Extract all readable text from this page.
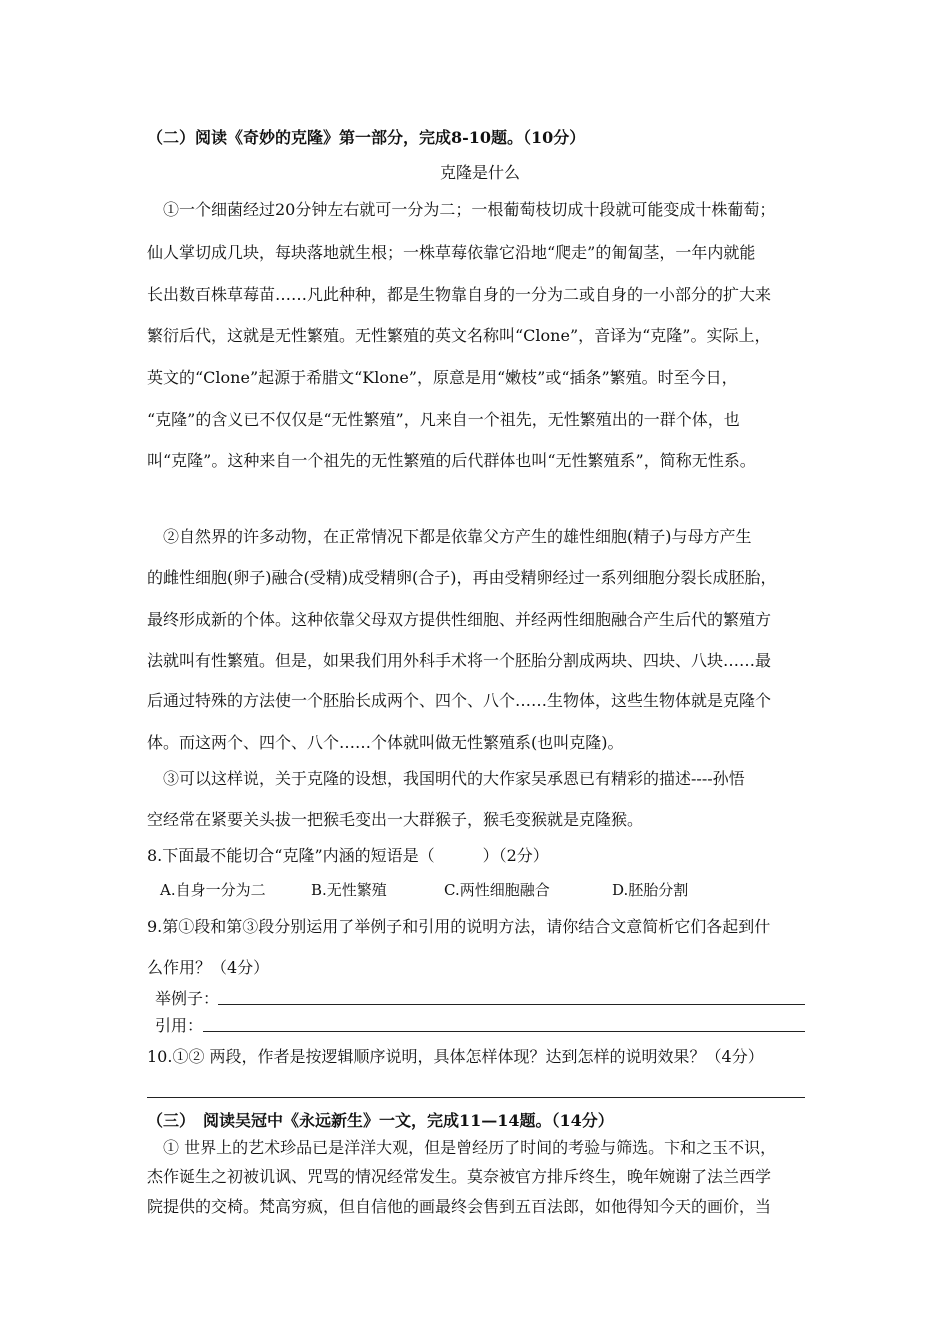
（二）阅读《奇妙的克隆》第一部分，完成8-10题。（10分）
克隆是什么
①一个细菌经过20分钟左右就可一分为二；一根葡萄枝切成十段就可能变成十株葡萄；
仙人掌切成几块，每块落地就生根；一株草莓依靠它沿地“爬走”的匍匐茎，一年内就能
长出数百株草莓苗……凡此种种，都是生物靠自身的一分为二或自身的一小部分的扩大来
繁衍后代，这就是无性繁殖。无性繁殖的英文名称叫“Clone”，音译为“克隆”。实际上，
英文的“Clone”起源于希腊文“Klone”，原意是用“嫩枝”或“插条”繁殖。时至今日，
“克隆”的含义已不仅仅是“无性繁殖”，凡来自一个祖先，无性繁殖出的一群个体，也
叫“克隆”。这种来自一个祖先的无性繁殖的后代群体也叫“无性繁殖系”，简称无性系。
②自然界的许多动物，在正常情况下都是依靠父方产生的雄性细胞(精子)与母方产生
的雌性细胞(卵子)融合(受精)成受精卵(合子)，再由受精卵经过一系列细胞分裂长成胚胎，
最终形成新的个体。这种依靠父母双方提供性细胞、并经两性细胞融合产生后代的繁殖方
法就叫有性繁殖。但是，如果我们用外科手术将一个胚胎分割成两块、四块、八块……最
后通过特殊的方法使一个胚胎长成两个、四个、八个……生物体，这些生物体就是克隆个
体。而这两个、四个、八个……个体就叫做无性繁殖系(也叫克隆)。
③可以这样说，关于克隆的设想，我国明代的大作家吴承恩已有精彩的描述----孙悟
空经常在紧要关头拔一把猴毛变出一大群猴子，猴毛变猴就是克隆猴。
8.下面最不能切合“克隆”内涵的短语是（　　　）（2分）
A.自身一分为二	B.无性繁殖	C.两性细胞融合	D.胚胎分割
9.第①段和第③段分别运用了举例子和引用的说明方法，请你结合文意简析它们各起到什
么作用？（4分）
举例子：
引用：
10.①② 两段，作者是按逻辑顺序说明，具体怎样体现？达到怎样的说明效果？（4分）
（三）　阅读吴冠中《永远新生》一文，完成11—14题。（14分）
① 世界上的艺术珍品已是洋洋大观，但是曾经历了时间的考验与筛选。卞和之玉不识，
杰作诞生之初被讥讽、咒骂的情况经常发生。莫奈被官方排斥终生，晚年婉谢了法兰西学
院提供的交椅。梵高穷疯，但自信他的画最终会售到五百法郎，如他得知今天的画价，当
